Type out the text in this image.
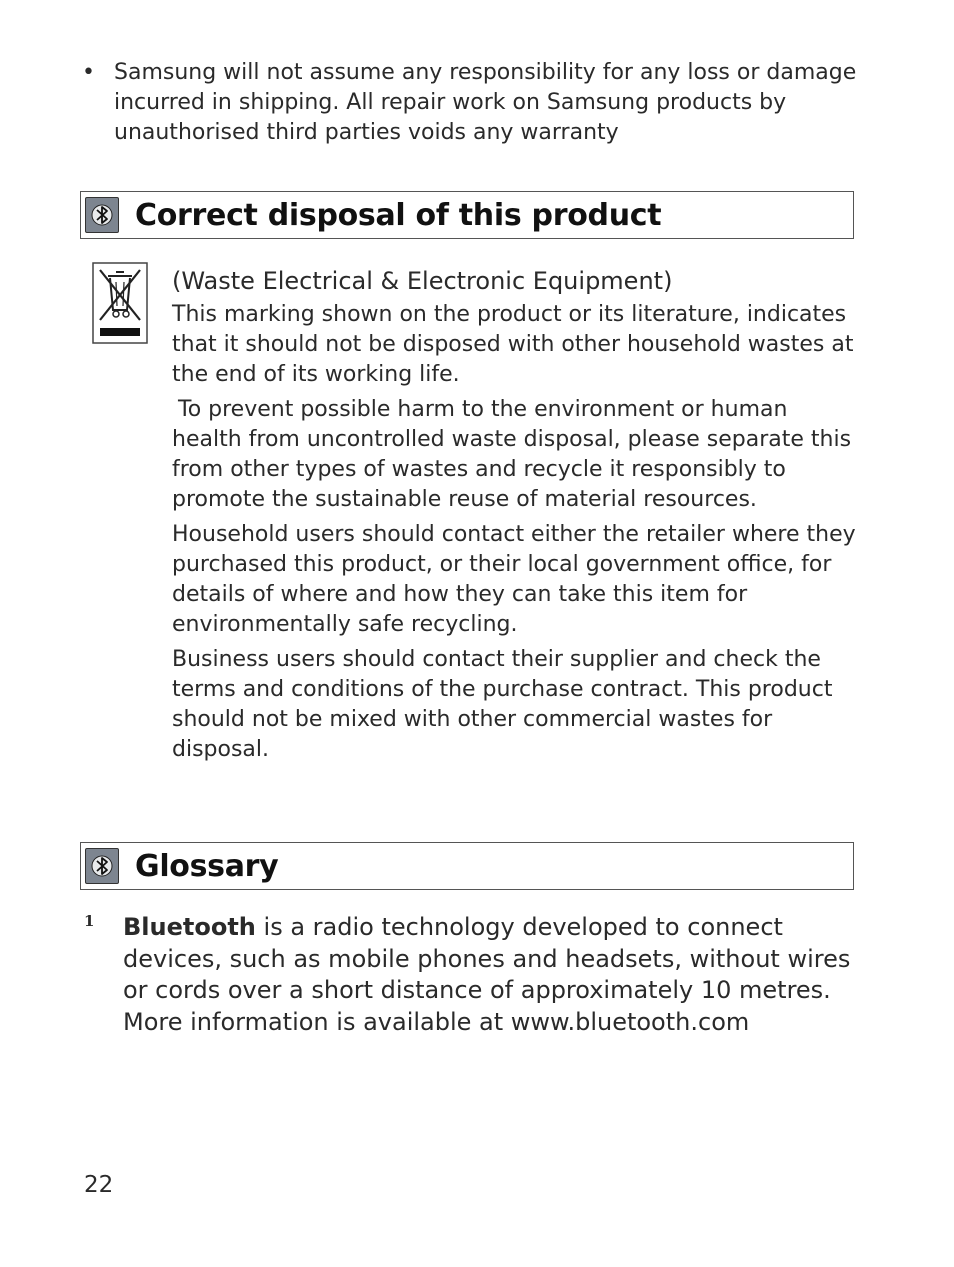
• Samsung will not assume any responsibility for any loss or damage incurred in shipping. All repair work on Samsung products by unauthorised third parties voids any warranty
Correct disposal of this product

(Waste Electrical & Electronic Equipment)

This marking shown on the product or its literature, indicates that it should not be disposed with other household wastes at the end of its working life.

To prevent possible harm to the environment or human health from uncontrolled waste disposal, please separate this from other types of wastes and recycle it responsibly to promote the sustainable reuse of material resources.

Household users should contact either the retailer where they purchased this product, or their local government office, for details of where and how they can take this item for environmentally safe recycling.

Business users should contact their supplier and check the terms and conditions of the purchase contract. This product should not be mixed with other commercial wastes for disposal.

Glossary
1 Bluetooth is a radio technology developed to connect devices, such as mobile phones and headsets, without wires or cords over a short distance of approximately 10 metres. More information is available at www.bluetooth.com
22
